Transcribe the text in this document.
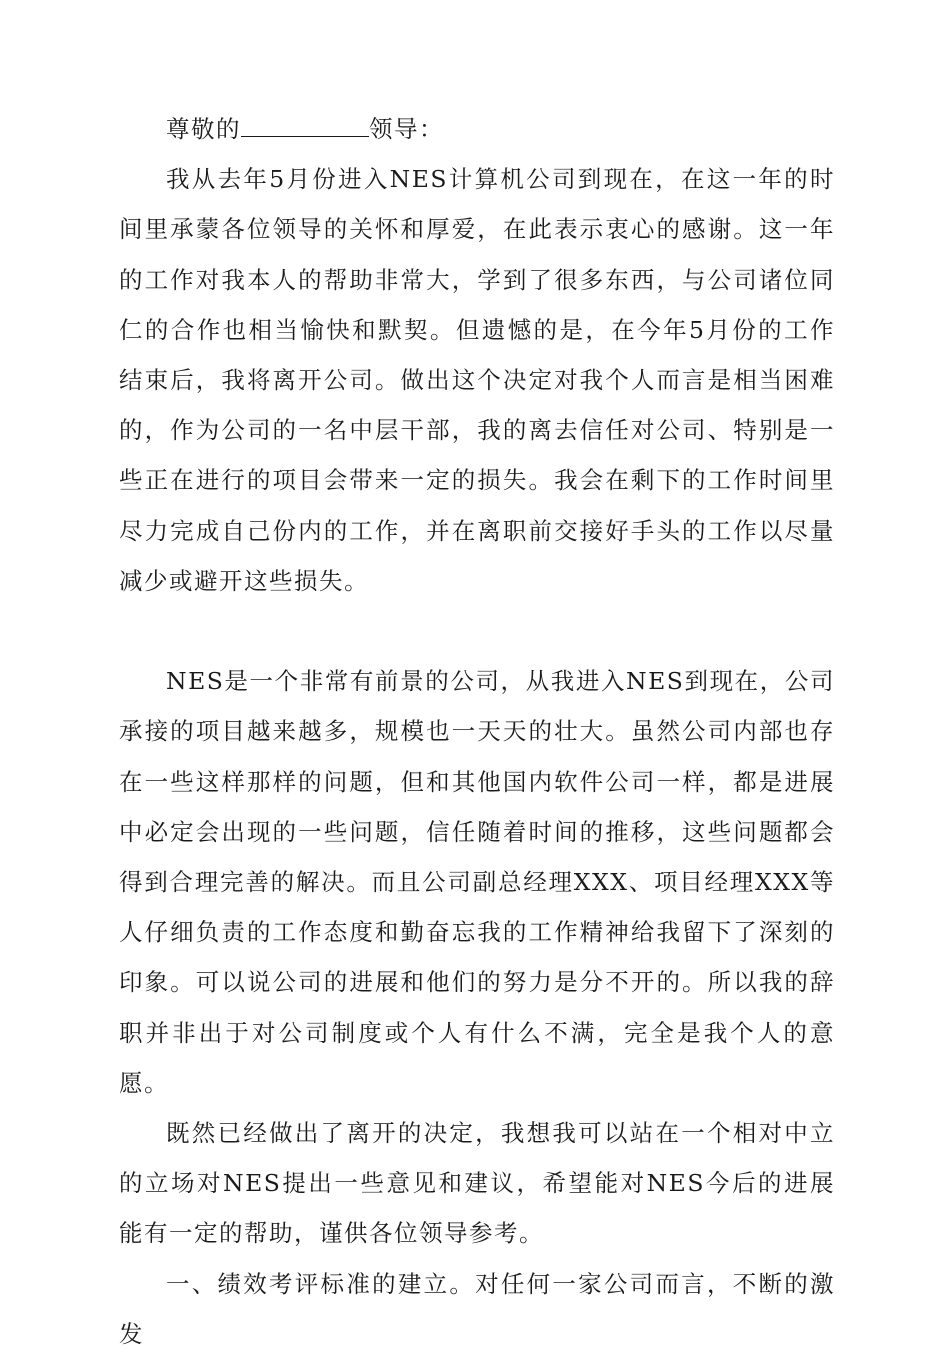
尊敬的	领导：

我从去年5月份进入NES计算机公司到现在，在这一年的时间里承蒙各位领导的关怀和厚爱，在此表示衷心的感谢。这一年的工作对我本人的帮助非常大，学到了很多东西，与公司诸位同仁的合作也相当愉快和默契。但遗憾的是，在今年5月份的工作结束后，我将离开公司。做出这个决定对我个人而言是相当困难的，作为公司的一名中层干部，我的离去信任对公司、特别是一些正在进行的项目会带来一定的损失。我会在剩下的工作时间里尽力完成自己份内的工作，并在离职前交接好手头的工作以尽量减少或避开这些损失。

NES是一个非常有前景的公司，从我进入NES到现在，公司承接的项目越来越多，规模也一天天的壮大。虽然公司内部也存在一些这样那样的问题，但和其他国内软件公司一样，都是进展中必定会出现的一些问题，信任随着时间的推移，这些问题都会得到合理完善的解决。而且公司副总经理XXX、项目经理XXX等人仔细负责的工作态度和勤奋忘我的工作精神给我留下了深刻的印象。可以说公司的进展和他们的努力是分不开的。所以我的辞职并非出于对公司制度或个人有什么不满，完全是我个人的意愿。

既然已经做出了离开的决定，我想我可以站在一个相对中立的立场对NES提出一些意见和建议，希望能对NES今后的进展能有一定的帮助，谨供各位领导参考。

一、绩效考评标准的建立。对任何一家公司而言，不断的激发
